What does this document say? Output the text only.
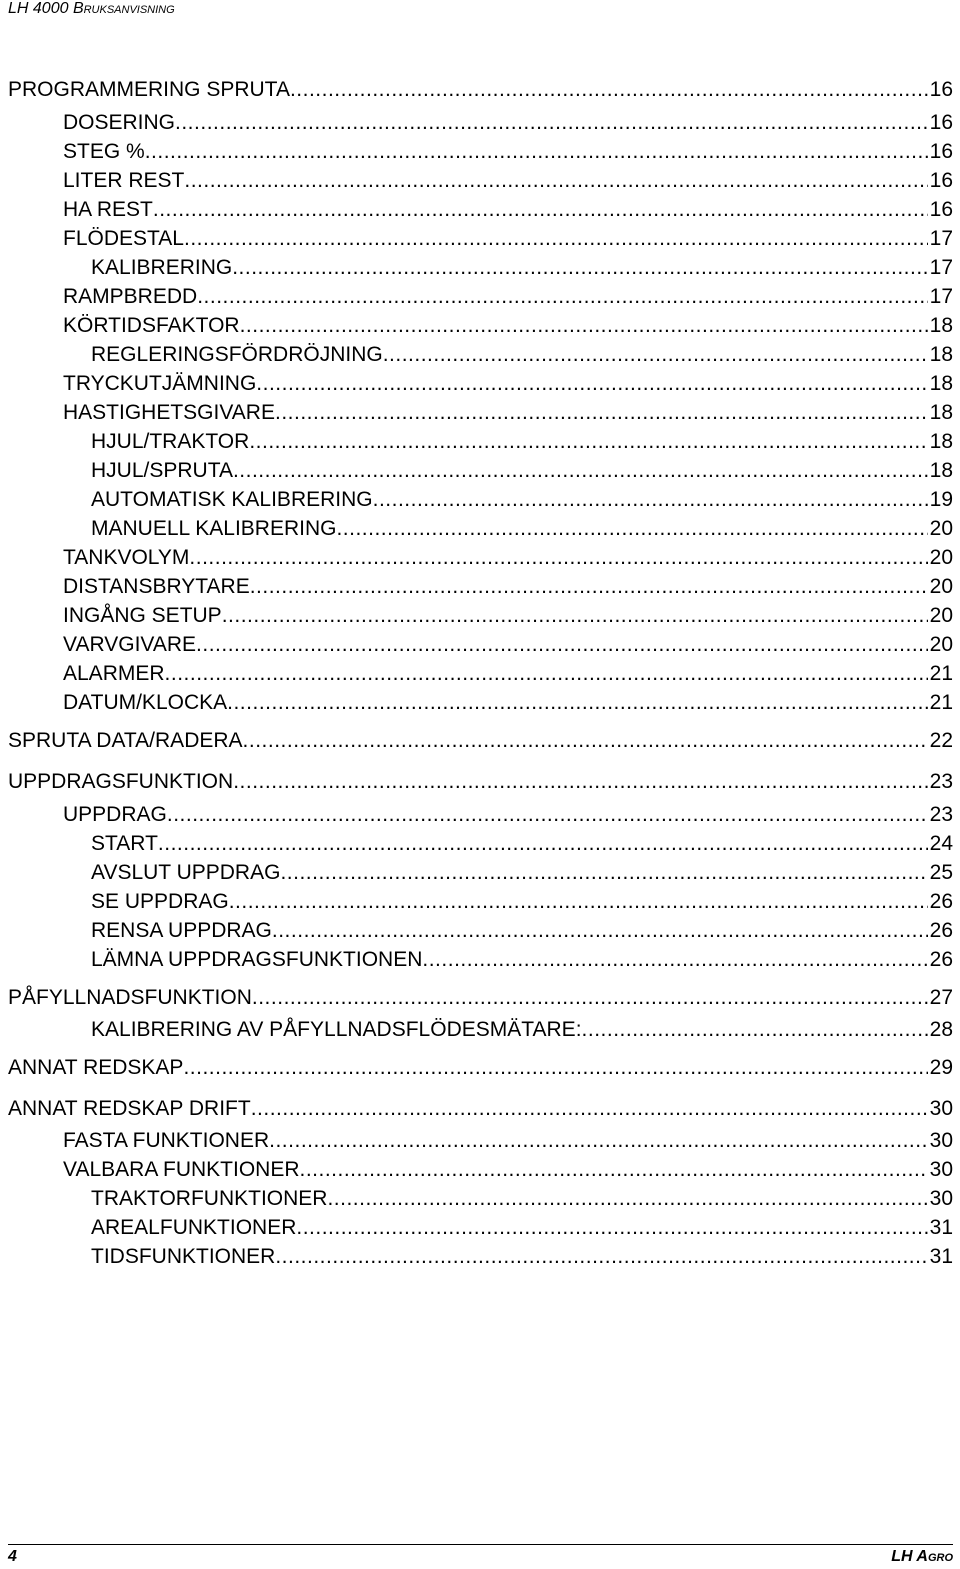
LH 4000 Bruksanvisning
PROGRAMMERING SPRUTA .....	16
DOSERING .....	16
STEG % .....	16
LITER REST .....	16
HA REST .....	16
FLÖDESTAL .....	17
KALIBRERING .....	17
RAMPBREDD .....	17
KÖRTIDSFAKTOR .....	18
REGLERINGSFÖRDRÖJNING .....	18
TRYCKUTJÄMNING .....	18
HASTIGHETSGIVARE .....	18
HJUL/TRAKTOR .....	18
HJUL/SPRUTA .....	18
AUTOMATISK KALIBRERING .....	19
MANUELL KALIBRERING .....	20
TANKVOLYM .....	20
DISTANSBRYTARE .....	20
INGÅNG SETUP .....	20
VARVGIVARE .....	20
ALARMER .....	21
DATUM/KLOCKA .....	21
SPRUTA DATA/RADERA .....	22
UPPDRAGSFUNKTION .....	23
UPPDRAG .....	23
START .....	24
AVSLUT UPPDRAG .....	25
SE UPPDRAG .....	26
RENSA UPPDRAG .....	26
LÄMNA UPPDRAGSFUNKTIONEN .....	26
PÅFYLLNADSFUNKTION .....	27
KALIBRERING AV PÅFYLLNADSFLÖDESMÄTARE: .....	28
ANNAT REDSKAP .....	29
ANNAT REDSKAP DRIFT .....	30
FASTA FUNKTIONER .....	30
VALBARA FUNKTIONER .....	30
TRAKTORFUNKTIONER .....	30
AREALFUNKTIONER .....	31
TIDSFUNKTIONER .....	31
4	LH Agro
